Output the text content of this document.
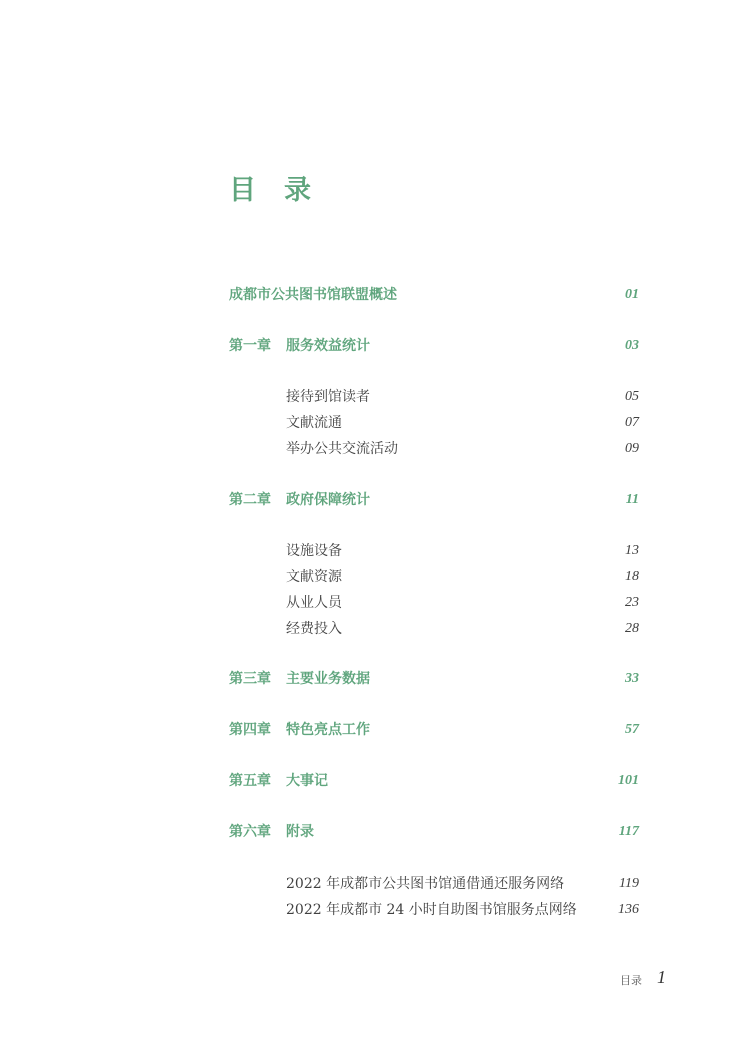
目录
成都市公共图书馆联盟概述	01
第一章 服务效益统计	03
接待到馆读者	05
文献流通	07
举办公共交流活动	09
第二章 政府保障统计	11
设施设备	13
文献资源	18
从业人员	23
经费投入	28
第三章 主要业务数据	33
第四章 特色亮点工作	57
第五章 大事记	101
第六章 附录	117
2022 年成都市公共图书馆通借通还服务网络	119
2022 年成都市 24 小时自助图书馆服务点网络	136
目录 1
